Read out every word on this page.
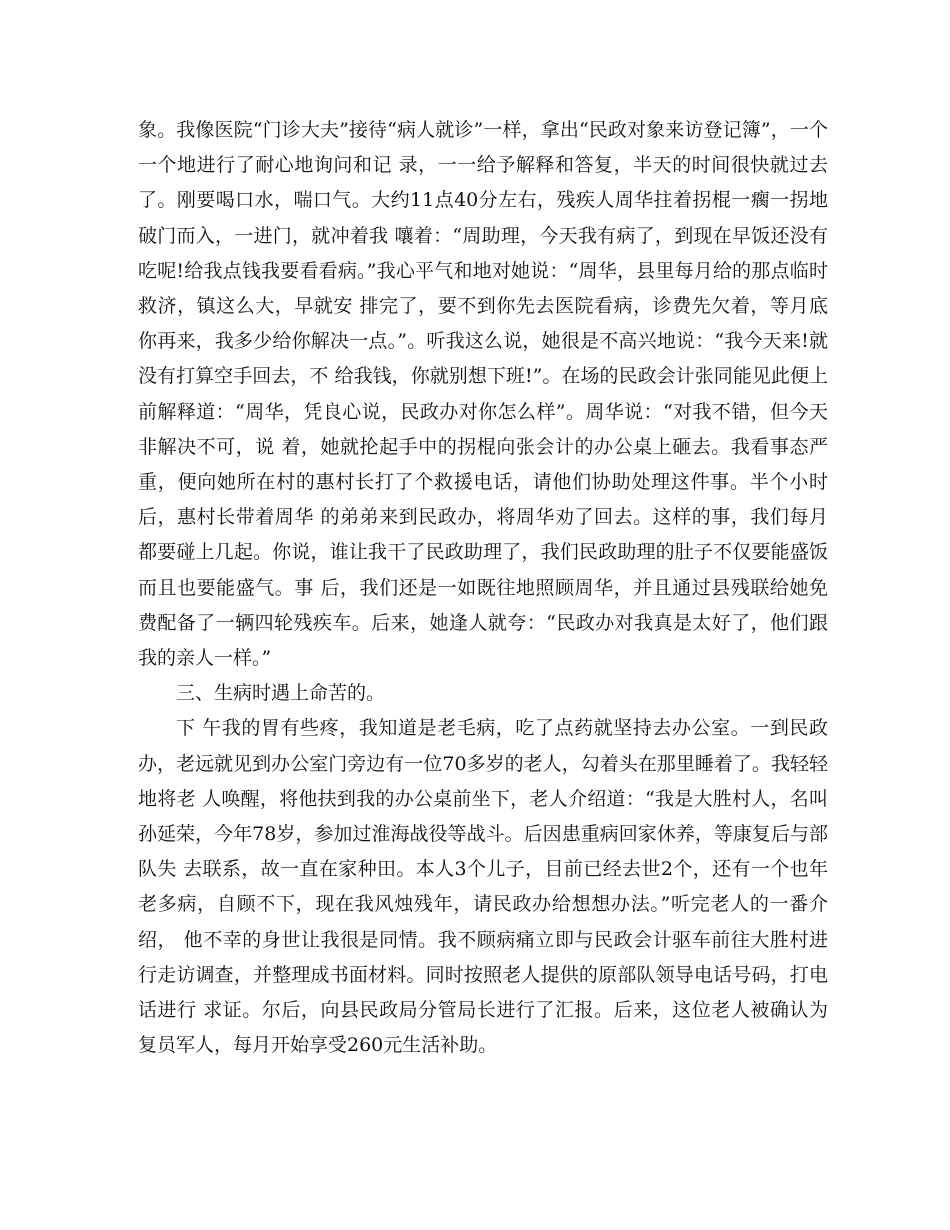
象。我像医院“门诊大夫”接待“病人就诊”一样，拿出“民政对象来访登记簿”，一个一个地进行了耐心地询问和记 录，一一给予解释和答复，半天的时间很快就过去了。刚要喝口水，喘口气。大约11点40分左右，残疾人周华拄着拐棍一瘸一拐地破门而入，一进门，就冲着我 嚷着：“周助理，今天我有病了，到现在早饭还没有吃呢!给我点钱我要看看病。”我心平气和地对她说：“周华，县里每月给的那点临时救济，镇这么大，早就安 排完了，要不到你先去医院看病，诊费先欠着，等月底你再来，我多少给你解决一点。”。听我这么说，她很是不高兴地说：“我今天来!就没有打算空手回去，不 给我钱，你就别想下班!”。在场的民政会计张同能见此便上前解释道：“周华，凭良心说，民政办对你怎么样”。周华说：“对我不错，但今天非解决不可，说 着，她就抡起手中的拐棍向张会计的办公桌上砸去。我看事态严重，便向她所在村的惠村长打了个救援电话，请他们协助处理这件事。半个小时后，惠村长带着周华 的弟弟来到民政办，将周华劝了回去。这样的事，我们每月都要碰上几起。你说，谁让我干了民政助理了，我们民政助理的肚子不仅要能盛饭而且也要能盛气。事 后，我们还是一如既往地照顾周华，并且通过县残联给她免费配备了一辆四轮残疾车。后来，她逢人就夸：“民政办对我真是太好了，他们跟我的亲人一样。”

三、生病时遇上命苦的。

下 午我的胃有些疼，我知道是老毛病，吃了点药就坚持去办公室。一到民政办，老远就见到办公室门旁边有一位70多岁的老人，勾着头在那里睡着了。我轻轻地将老 人唤醒，将他扶到我的办公桌前坐下，老人介绍道：“我是大胜村人，名叫孙延荣，今年78岁，参加过淮海战役等战斗。后因患重病回家休养，等康复后与部队失 去联系，故一直在家种田。本人3个儿子，目前已经去世2个，还有一个也年老多病，自顾不下，现在我风烛残年，请民政办给想想办法。”听完老人的一番介绍， 他不幸的身世让我很是同情。我不顾病痛立即与民政会计驱车前往大胜村进行走访调查，并整理成书面材料。同时按照老人提供的原部队领导电话号码，打电话进行 求证。尔后，向县民政局分管局长进行了汇报。后来，这位老人被确认为复员军人，每月开始享受260元生活补助。
